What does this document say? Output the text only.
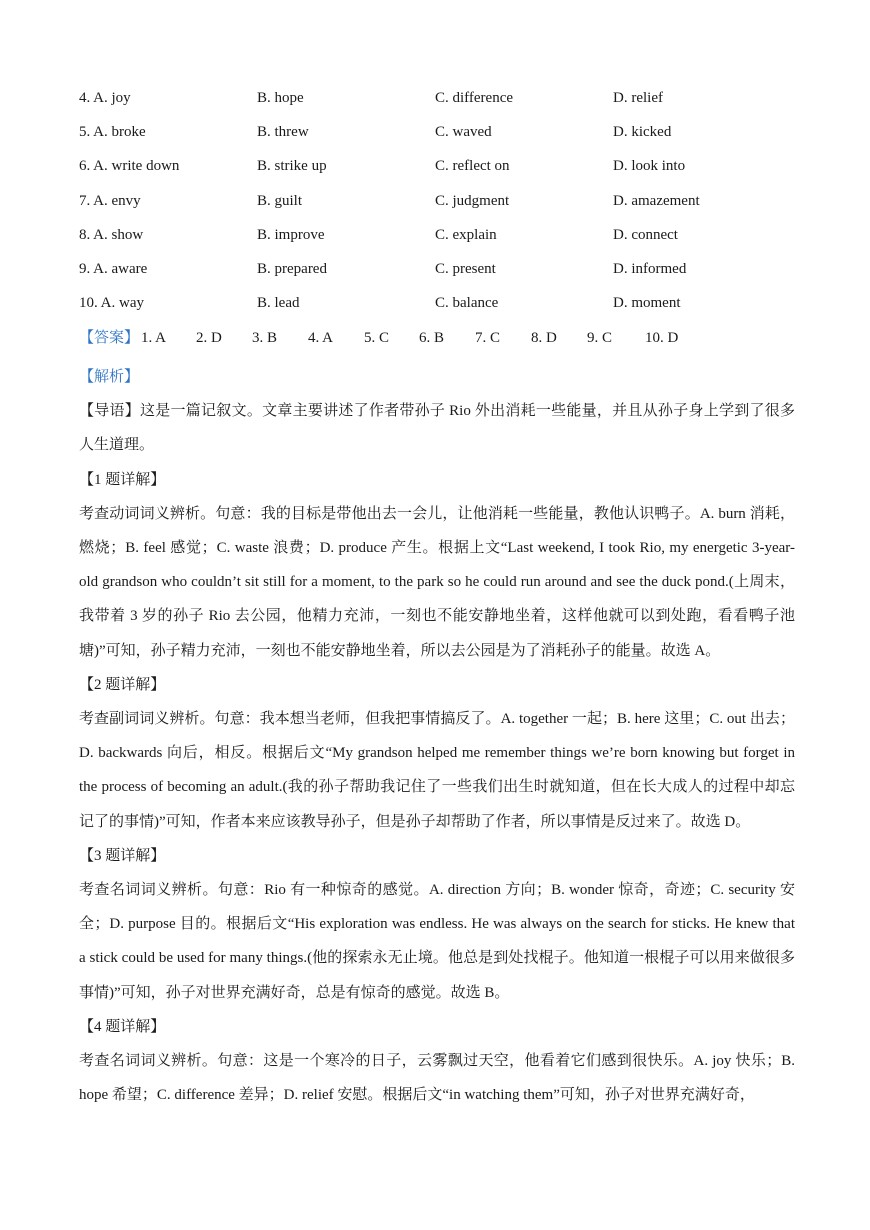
4. A. joy	B. hope	C. difference	D. relief
5. A. broke	B. threw	C. waved	D. kicked
6. A. write down	B. strike up	C. reflect on	D. look into
7. A. envy	B. guilt	C. judgment	D. amazement
8. A. show	B. improve	C. explain	D. connect
9. A. aware	B. prepared	C. present	D. informed
10. A. way	B. lead	C. balance	D. moment
【答案】 1. A 2. D 3. B 4. A 5. C 6. B 7. C 8. D 9. C 10. D

【解析】

【导语】这是一篇记叙文。文章主要讲述了作者带孙子 Rio 外出消耗一些能量，并且从孙子身上学到了很多人生道理。

【1 题详解】

考查动词词义辨析。句意：我的目标是带他出去一会儿，让他消耗一些能量，教他认识鸭子。A. burn 消耗，燃烧；B. feel 感觉；C. waste 浪费；D. produce 产生。根据上文“Last weekend, I took Rio, my energetic 3-year-old grandson who couldn’t sit still for a moment, to the park so he could run around and see the duck pond.(上周末，我带着 3 岁的孙子 Rio 去公园，他精力充沛，一刻也不能安静地坐着，这样他就可以到处跑，看看鸭子池塘)”可知，孙子精力充沛，一刻也不能安静地坐着，所以去公园是为了消耗孙子的能量。故选 A。

【2 题详解】

考查副词词义辨析。句意：我本想当老师，但我把事情搞反了。A. together 一起；B. here 这里；C. out 出去；D. backwards 向后，相反。根据后文“My grandson helped me remember things we’re born knowing but forget in the process of becoming an adult.(我的孙子帮助我记住了一些我们出生时就知道，但在长大成人的过程中却忘记了的事情)”可知，作者本来应该教导孙子，但是孙子却帮助了作者，所以事情是反过来了。故选 D。

【3 题详解】

考查名词词义辨析。句意：Rio 有一种惊奇的感觉。A. direction 方向；B. wonder 惊奇，奇迹；C. security 安全；D. purpose 目的。根据后文“His exploration was endless. He was always on the search for sticks. He knew that a stick could be used for many things.(他的探索永无止境。他总是到处找棍子。他知道一根棍子可以用来做很多事情)”可知，孙子对世界充满好奇，总是有惊奇的感觉。故选 B。

【4 题详解】

考查名词词义辨析。句意：这是一个寒冷的日子，云雾飘过天空，他看着它们感到很快乐。A. joy 快乐；B. hope 希望；C. difference 差异；D. relief 安慰。根据后文“in watching them”可知，孙子对世界充满好奇，
